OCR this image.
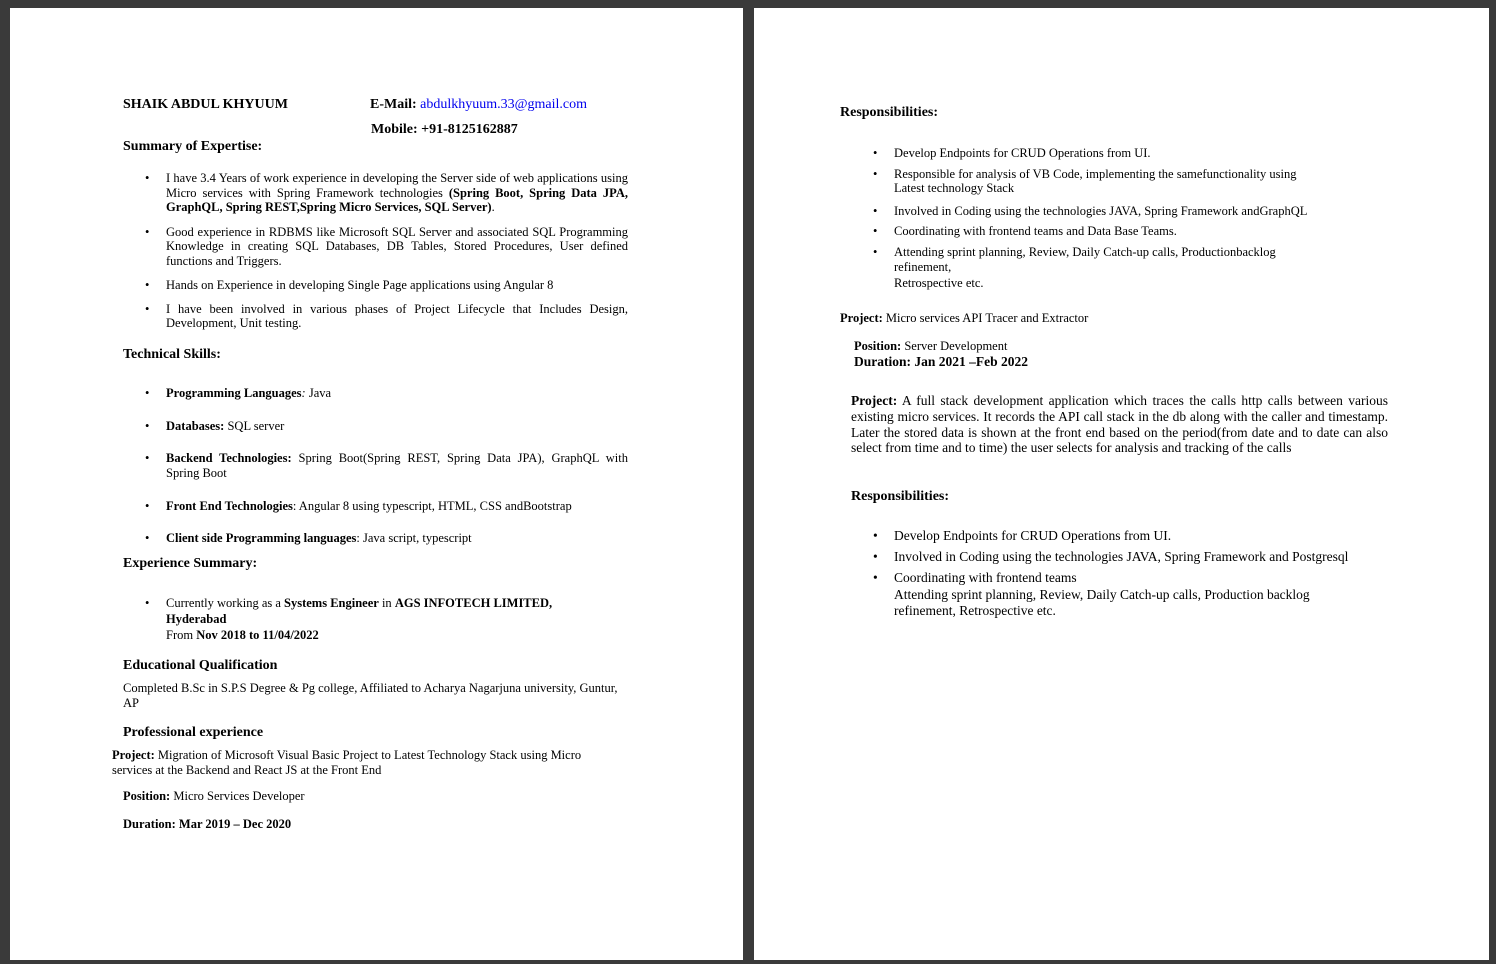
SHAIK ABDUL KHYUUM	E-Mail: abdulkhyuum.33@gmail.com
Mobile: +91-8125162887
Summary of Expertise:
• I have 3.4 Years of work experience in developing the Server side of web applications using Micro services with Spring Framework technologies (Spring Boot, Spring Data JPA, GraphQL, Spring REST,Spring Micro Services, SQL Server).
• Good experience in RDBMS like Microsoft SQL Server and associated SQL Programming Knowledge in creating SQL Databases, DB Tables, Stored Procedures, User defined functions and Triggers.
• Hands on Experience in developing Single Page applications using Angular 8
• I have been involved in various phases of Project Lifecycle that Includes Design, Development, Unit testing.
Technical Skills:
• Programming Languages: Java
• Databases: SQL server
• Backend Technologies: Spring Boot(Spring REST, Spring Data JPA), GraphQL with Spring Boot
• Front End Technologies: Angular 8 using typescript, HTML, CSS andBootstrap
• Client side Programming languages: Java script, typescript
Experience Summary:
• Currently working as a Systems Engineer in AGS INFOTECH LIMITED, Hyderabad
From Nov 2018 to 11/04/2022
Educational Qualification
Completed B.Sc in S.P.S Degree & Pg college, Affiliated to Acharya Nagarjuna university, Guntur, AP
Professional experience
Project: Migration of Microsoft Visual Basic Project to Latest Technology Stack using Micro services at the Backend and React JS at the Front End
Position: Micro Services Developer
Duration: Mar 2019 – Dec 2020
Responsibilities:
• Develop Endpoints for CRUD Operations from UI.
• Responsible for analysis of VB Code, implementing the samefunctionality using Latest technology Stack
• Involved in Coding using the technologies JAVA, Spring Framework andGraphQL
• Coordinating with frontend teams and Data Base Teams.
• Attending sprint planning, Review, Daily Catch-up calls, Productionbacklog refinement,
Retrospective etc.
Project: Micro services API Tracer and Extractor
Position: Server Development
Duration: Jan 2021 –Feb 2022
Project: A full stack development application which traces the calls http calls between various existing micro services. It records the API call stack in the db along with the caller and timestamp. Later the stored data is shown at the front end based on the period(from date and to date can also select from time and to time) the user selects for analysis and tracking of the calls
Responsibilities:
• Develop Endpoints for CRUD Operations from UI.
• Involved in Coding using the technologies JAVA, Spring Framework and Postgresql
• Coordinating with frontend teams
Attending sprint planning, Review, Daily Catch-up calls, Production backlog refinement, Retrospective etc.
